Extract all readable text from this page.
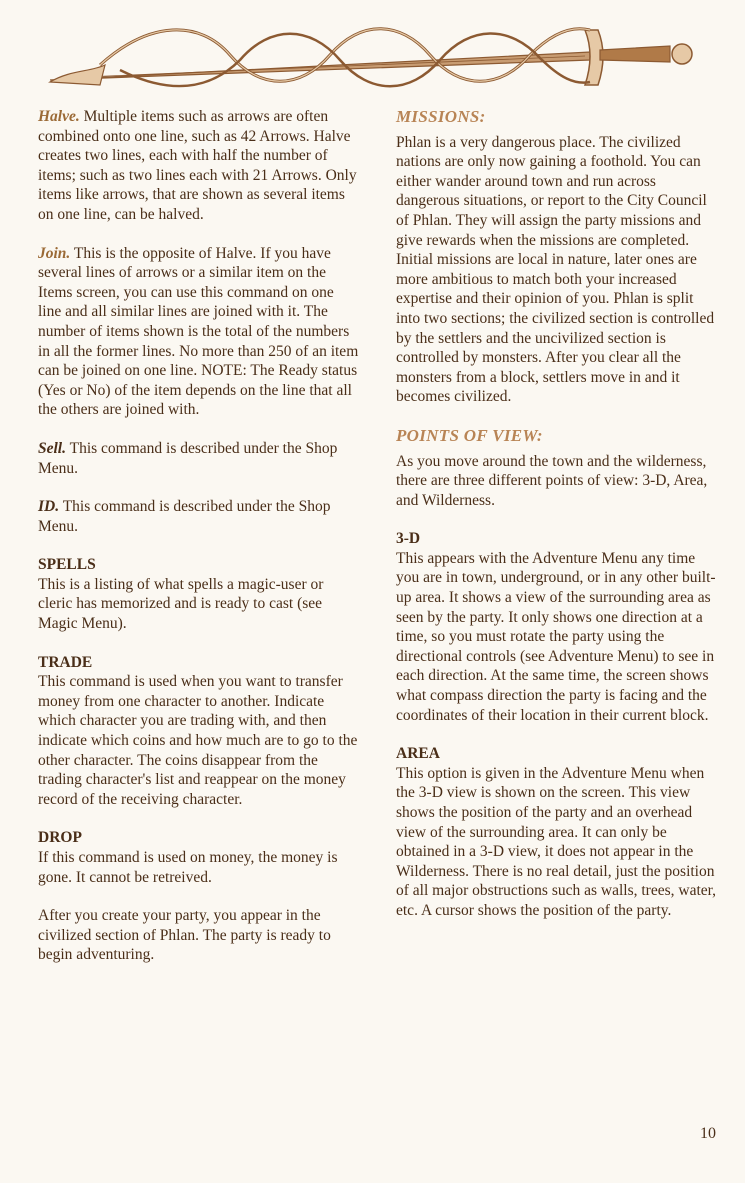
Halve. Multiple items such as arrows are often combined onto one line, such as 42 Arrows. Halve creates two lines, each with half the number of items; such as two lines each with 21 Arrows. Only items like arrows, that are shown as several items on one line, can be halved.

Join. This is the opposite of Halve. If you have several lines of arrows or a similar item on the Items screen, you can use this command on one line and all similar lines are joined with it. The number of items shown is the total of the numbers in all the former lines. No more than 250 of an item can be joined on one line. NOTE: The Ready status (Yes or No) of the item depends on the line that all the others are joined with.

Sell. This command is described under the Shop Menu.

ID. This command is described under the Shop Menu.

SPELLS
This is a listing of what spells a magic-user or cleric has memorized and is ready to cast (see Magic Menu).
TRADE
This command is used when you want to transfer money from one character to another. Indicate which character you are trading with, and then indicate which coins and how much are to go to the other character. The coins disappear from the trading character's list and reappear on the money record of the receiving character.
DROP
If this command is used on money, the money is gone. It cannot be retreived.

After you create your party, you appear in the civilized section of Phlan. The party is ready to begin adventuring.

MISSIONS:
Phlan is a very dangerous place. The civilized nations are only now gaining a foothold. You can either wander around town and run across dangerous situations, or report to the City Council of Phlan. They will assign the party missions and give rewards when the missions are completed. Initial missions are local in nature, later ones are more ambitious to match both your increased expertise and their opinion of you. Phlan is split into two sections; the civilized section is controlled by the settlers and the uncivilized section is controlled by monsters. After you clear all the monsters from a block, settlers move in and it becomes civilized.
POINTS OF VIEW:
As you move around the town and the wilderness, there are three different points of view: 3-D, Area, and Wilderness.
3-D
This appears with the Adventure Menu any time you are in town, underground, or in any other built-up area. It shows a view of the surrounding area as seen by the party. It only shows one direction at a time, so you must rotate the party using the directional controls (see Adventure Menu) to see in each direction. At the same time, the screen shows what compass direction the party is facing and the coordinates of their location in their current block.
AREA
This option is given in the Adventure Menu when the 3-D view is shown on the screen. This view shows the position of the party and an overhead view of the surrounding area. It can only be obtained in a 3-D view, it does not appear in the Wilderness. There is no real detail, just the position of all major obstructions such as walls, trees, water, etc. A cursor shows the position of the party.
10
